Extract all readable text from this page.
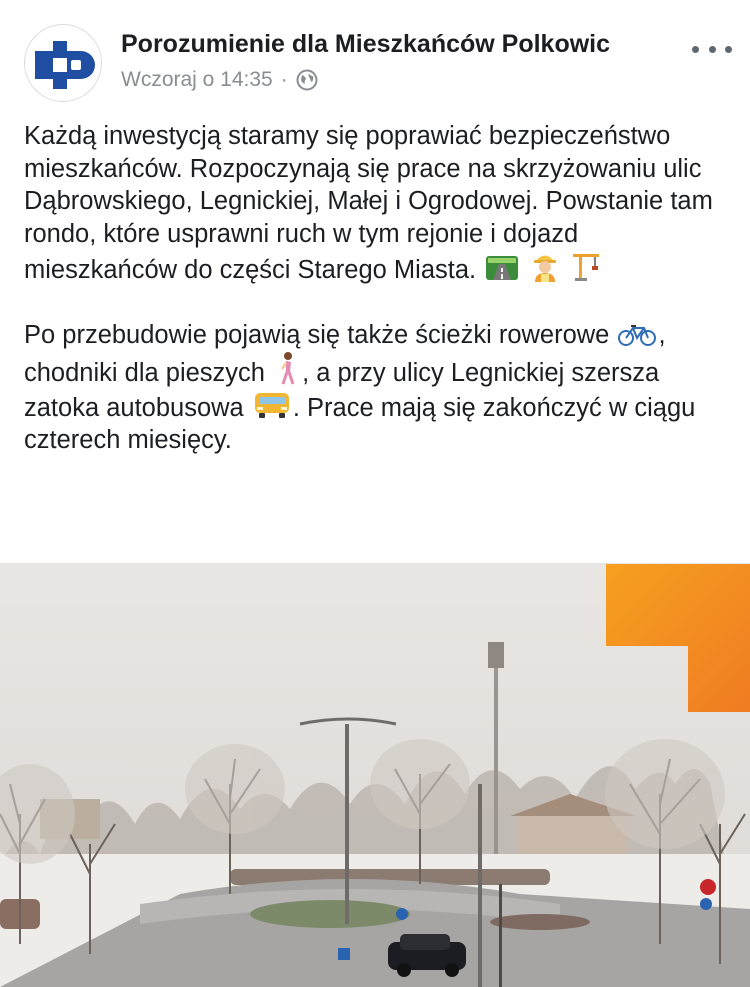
Porozumienie dla Mieszkańców Polkowic
Wczoraj o 14:35 ·

Każdą inwestycją staramy się poprawiać bezpieczeństwo mieszkańców. Rozpoczynają się prace na skrzyżowaniu ulic Dąbrowskiego, Legnickiej, Małej i Ogrodowej. Powstanie tam rondo, które usprawni ruch w tym rejonie i dojazd mieszkańców do części Starego Miasta.

Po przebudowie pojawią się także ścieżki rowerowe , chodniki dla pieszych , a przy ulicy Legnickiej szersza zatoka autobusowa . Prace mają się zakończyć w ciągu czterech miesięcy.
